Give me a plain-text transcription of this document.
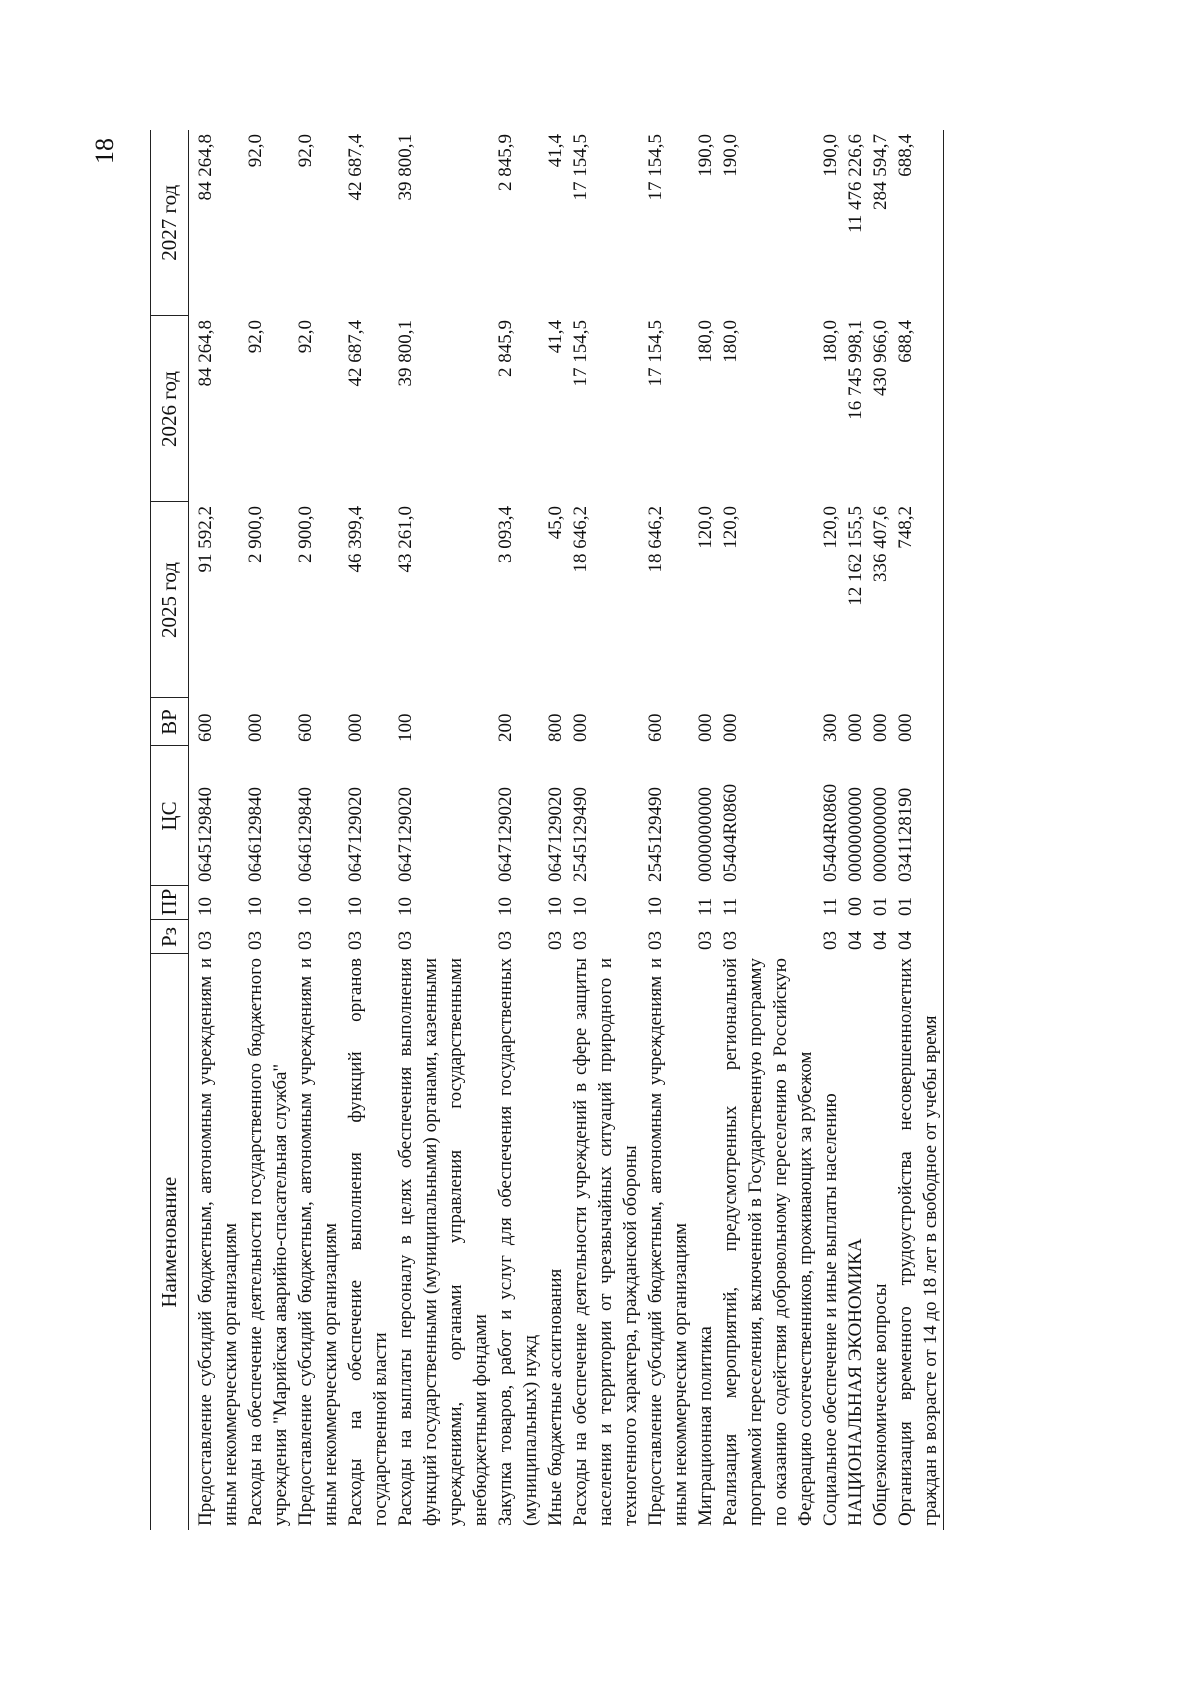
18
Наименование	Рз	ПР	ЦС	ВР	2025 год	2026 год	2027 год
Предоставление субсидий бюджетным, автономным учреждениям и иным некоммерческим организациям	03	10	0645129840	600	91 592,2	84 264,8	84 264,8
Расходы на обеспечение деятельности государственного бюджетного учреждения "Марийская аварийно-спасательная служба"	03	10	0646129840	000	2 900,0	92,0	92,0
Предоставление субсидий бюджетным, автономным учреждениям и иным некоммерческим организациям	03	10	0646129840	600	2 900,0	92,0	92,0
Расходы на обеспечение выполнения функций органов государственной власти	03	10	0647129020	000	46 399,4	42 687,4	42 687,4
Расходы на выплаты персоналу в целях обеспечения выполнения функций государственными (муниципальными) органами, казенными учреждениями, органами управления государственными внебюджетными фондами	03	10	0647129020	100	43 261,0	39 800,1	39 800,1
Закупка товаров, работ и услуг для обеспечения государственных (муниципальных) нужд	03	10	0647129020	200	3 093,4	2 845,9	2 845,9
Иные бюджетные ассигнования	03	10	0647129020	800	45,0	41,4	41,4
Расходы на обеспечение деятельности учреждений в сфере защиты населения и территории от чрезвычайных ситуаций природного и техногенного характера, гражданской обороны	03	10	2545129490	000	18 646,2	17 154,5	17 154,5
Предоставление субсидий бюджетным, автономным учреждениям и иным некоммерческим организациям	03	10	2545129490	600	18 646,2	17 154,5	17 154,5
Миграционная политика	03	11	0000000000	000	120,0	180,0	190,0
Реализация мероприятий, предусмотренных региональной программой переселения, включенной в Государственную программу по оказанию содействия добровольному переселению в Российскую Федерацию соотечественников, проживающих за рубежом	03	11	05404R0860	000	120,0	180,0	190,0
Социальное обеспечение и иные выплаты населению	03	11	05404R0860	300	120,0	180,0	190,0
НАЦИОНАЛЬНАЯ ЭКОНОМИКА	04	00	0000000000	000	12 162 155,5	16 745 998,1	11 476 226,6
Общеэкономические вопросы	04	01	0000000000	000	336 407,6	430 966,0	284 594,7
Организация временного трудоустройства несовершеннолетних граждан в возрасте от 14 до 18 лет в свободное от учебы время	04	01	0341128190	000	748,2	688,4	688,4
